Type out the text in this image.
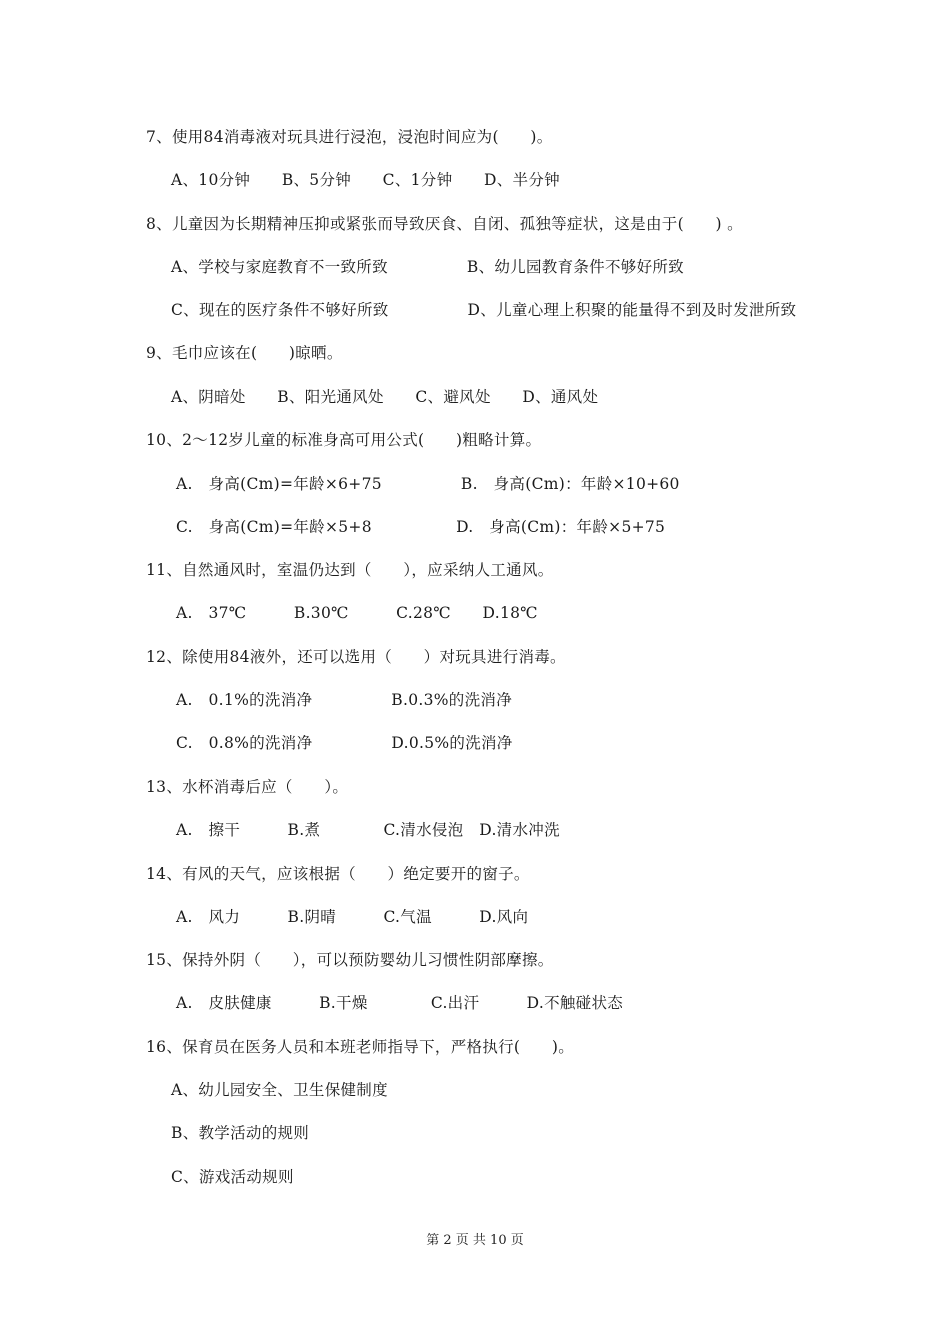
7、使用84消毒液对玩具进行浸泡，浸泡时间应为(　　)。
A、10分钟　　B、5分钟　　C、1分钟　　D、半分钟
8、儿童因为长期精神压抑或紧张而导致厌食、自闭、孤独等症状，这是由于(　　) 。
A、学校与家庭教育不一致所致　　　　　B、幼儿园教育条件不够好所致
C、现在的医疗条件不够好所致　　　　　D、儿童心理上积聚的能量得不到及时发泄所致
9、毛巾应该在(　　)晾晒。
A、阴暗处　　B、阳光通风处　　C、避风处　　D、通风处
10、2～12岁儿童的标准身高可用公式(　　)粗略计算。
A.　身高(Cm)=年龄×6+75　　　　　B.　身高(Cm)：年龄×10+60
C.　身高(Cm)=年龄×5+8　　　　　 D.　身高(Cm)：年龄×5+75
11、自然通风时，室温仍达到（　　），应采纳人工通风。
A.　37℃　　　B.30℃　　　C.28℃　　D.18℃
12、除使用84液外，还可以选用（　　）对玩具进行消毒。
A.　0.1%的洗消净　　　　　B.0.3%的洗消净
C.　0.8%的洗消净　　　　　D.0.5%的洗消净
13、水杯消毒后应（　　）。
A.　擦干　　　B.煮　　　　C.清水侵泡　D.清水冲洗
14、有风的天气，应该根据（　　）绝定要开的窗子。
A.　风力　　　B.阴晴　　　C.气温　　　D.风向
15、保持外阴（　　），可以预防婴幼儿习惯性阴部摩擦。
A.　皮肤健康　　　B.干燥　　　　C.出汗　　　D.不触碰状态
16、保育员在医务人员和本班老师指导下，严格执行(　　)。
A、幼儿园安全、卫生保健制度
B、教学活动的规则
C、游戏活动规则
第 2 页 共 10 页
